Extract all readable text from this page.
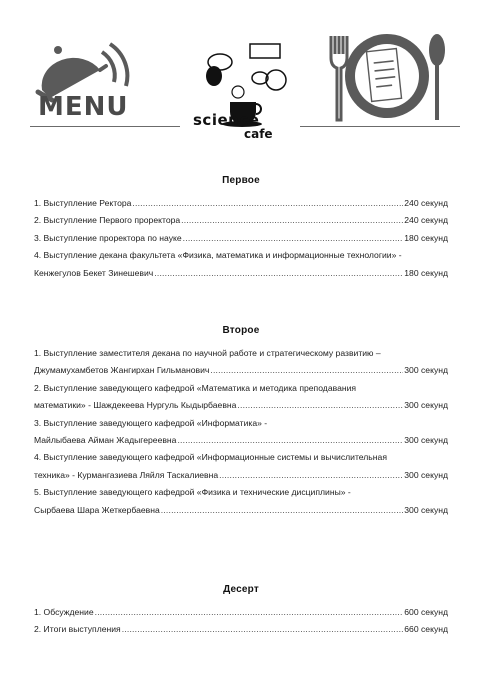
MENU	science
cafe
Первое
1. Выступление Ректора .....	240 секунд
2. Выступление Первого проректора .....	240 секунд
3. Выступление проректора по науке .....	180 секунд
4. Выступление декана факультета «Физика, математика и информационные технологии» -
Кенжегулов Бекет Зинешевич .....	180 секунд
Второе
1. Выступление заместителя декана по научной работе и стратегическому развитию –
Джумамухамбетов Жангирхан Гильманович .....	300 секунд
2. Выступление заведующего кафедрой «Математика и методика преподавания
математики» - Шаждекеева Нургуль Кыдырбаевна .....	300 секунд
3. Выступление заведующего кафедрой «Информатика» -
Майлыбаева Айман Жадыгереевна .....	300 секунд
4. Выступление заведующего кафедрой «Информационные системы и вычислительная
техника» - Курмангазиева Ляйля Таскалиевна .....	300 секунд
5. Выступление заведующего кафедрой «Физика и технические дисциплины» -
Сырбаева Шара Жеткербаевна .....	300 секунд
Десерт
1. Обсуждение .....	600 секунд
2. Итоги выступления .....	660 секунд
